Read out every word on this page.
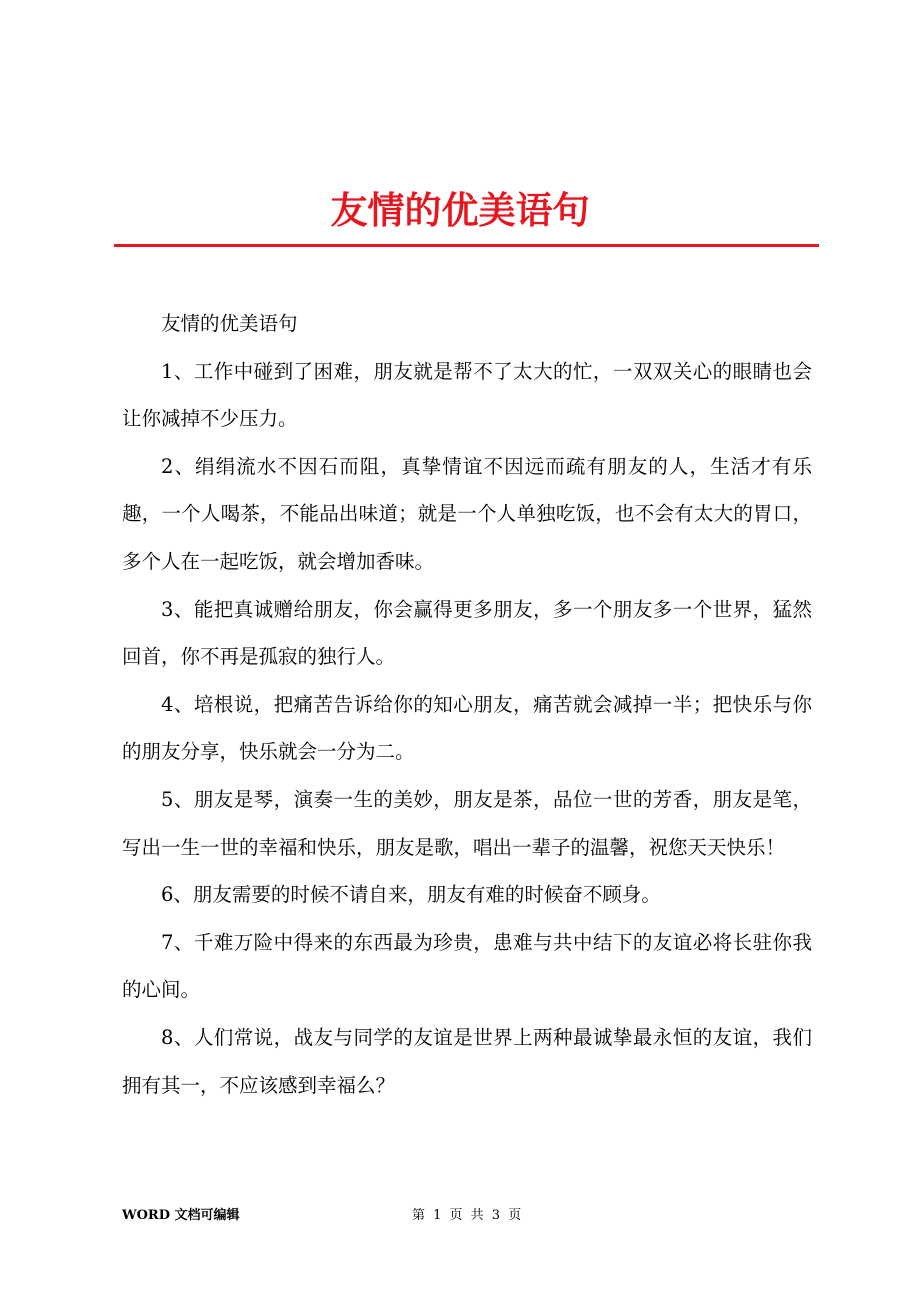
友情的优美语句

友情的优美语句

1、工作中碰到了困难，朋友就是帮不了太大的忙，一双双关心的眼睛也会让你减掉不少压力。

2、绢绢流水不因石而阻，真挚情谊不因远而疏有朋友的人，生活才有乐趣，一个人喝茶，不能品出味道；就是一个人单独吃饭，也不会有太大的胃口，多个人在一起吃饭，就会增加香味。

3、能把真诚赠给朋友，你会赢得更多朋友，多一个朋友多一个世界，猛然回首，你不再是孤寂的独行人。

4、培根说，把痛苦告诉给你的知心朋友，痛苦就会减掉一半；把快乐与你的朋友分享，快乐就会一分为二。

5、朋友是琴，演奏一生的美妙，朋友是茶，品位一世的芳香，朋友是笔，写出一生一世的幸福和快乐，朋友是歌，唱出一辈子的温馨，祝您天天快乐！

6、朋友需要的时候不请自来，朋友有难的时候奋不顾身。

7、千难万险中得来的东西最为珍贵，患难与共中结下的友谊必将长驻你我的心间。

8、人们常说，战友与同学的友谊是世界上两种最诚挚最永恒的友谊，我们拥有其一，不应该感到幸福么？

WORD 文档可编辑	第 1 页 共 3 页
